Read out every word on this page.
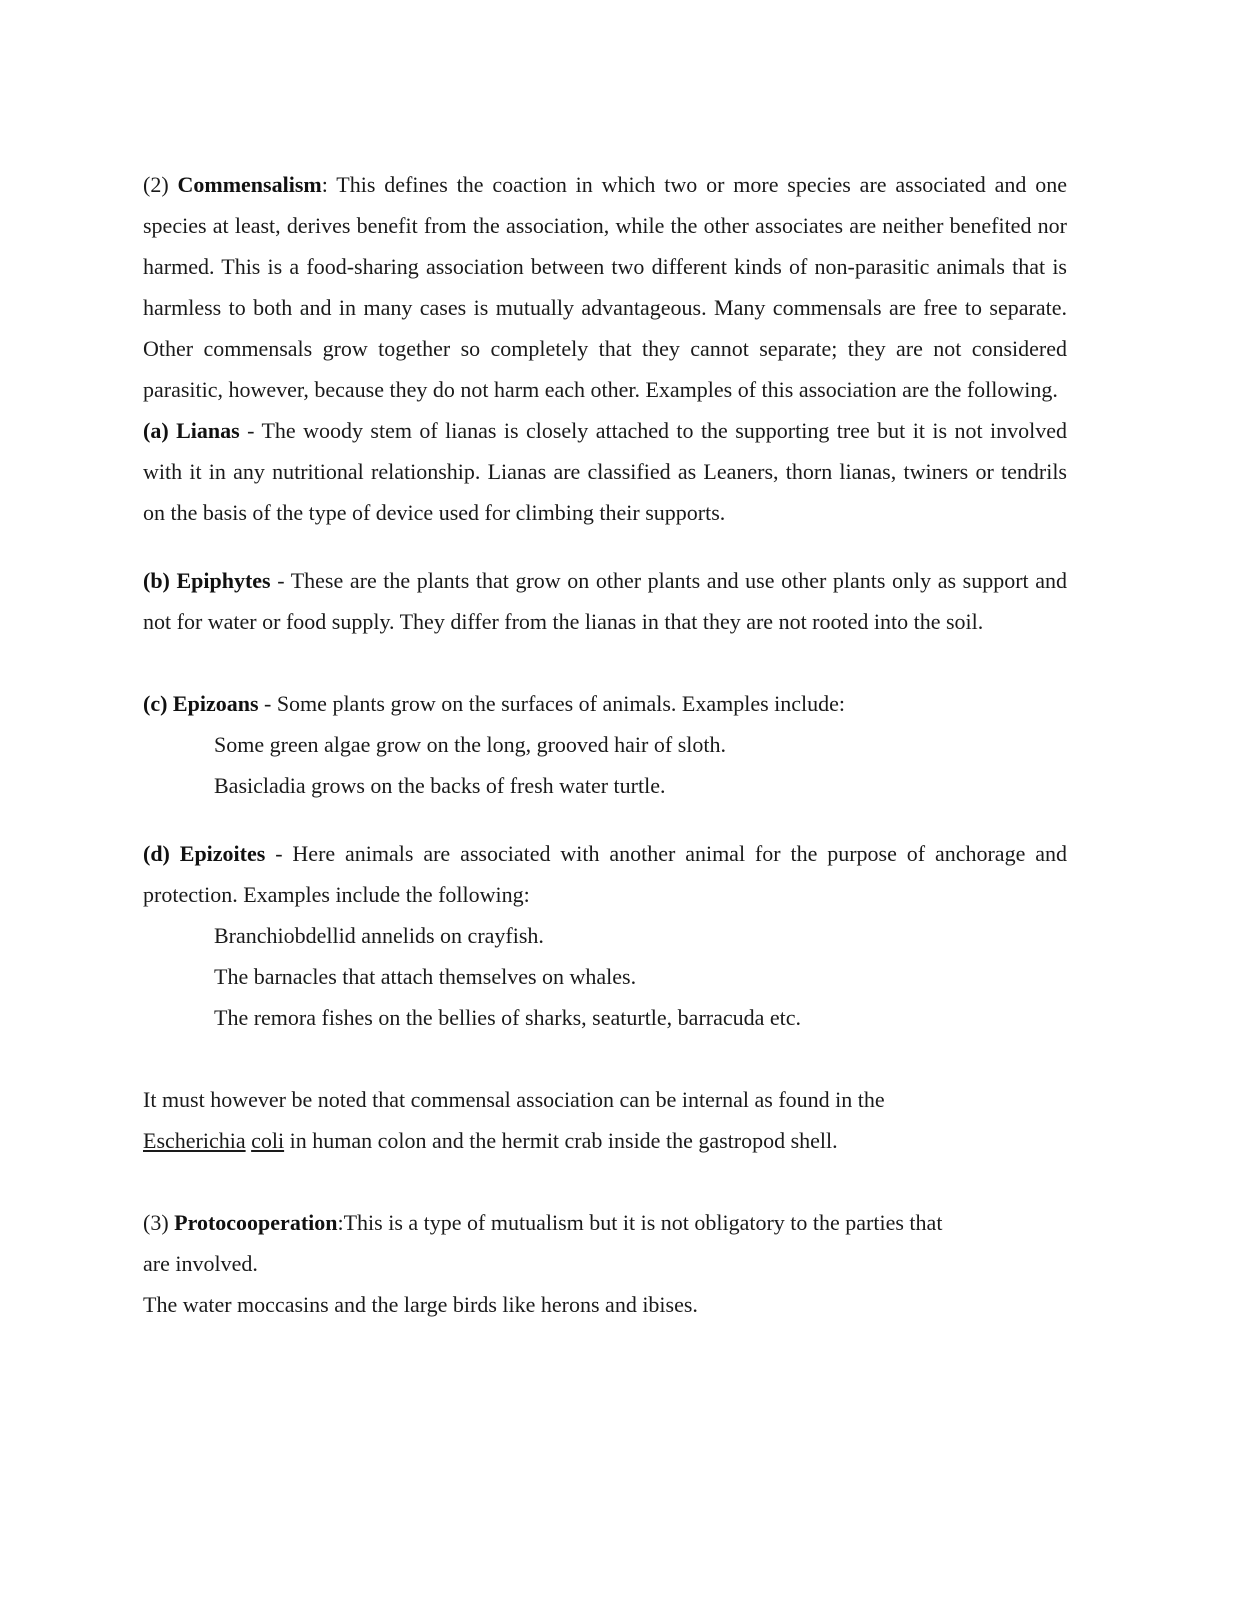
(2) Commensalism: This defines the coaction in which two or more species are associated and one species at least, derives benefit from the association, while the other associates are neither benefited nor harmed. This is a food-sharing association between two different kinds of non-parasitic animals that is harmless to both and in many cases is mutually advantageous. Many commensals are free to separate. Other commensals grow together so completely that they cannot separate; they are not considered parasitic, however, because they do not harm each other. Examples of this association are the following.

(a) Lianas - The woody stem of lianas is closely attached to the supporting tree but it is not involved with it in any nutritional relationship. Lianas are classified as Leaners, thorn lianas, twiners or tendrils on the basis of the type of device used for climbing their supports.

(b) Epiphytes - These are the plants that grow on other plants and use other plants only as support and not for water or food supply. They differ from the lianas in that they are not rooted into the soil.

(c) Epizoans - Some plants grow on the surfaces of animals. Examples include:

Some green algae grow on the long, grooved hair of sloth.
Basicladia grows on the backs of fresh water turtle.

(d) Epizoites - Here animals are associated with another animal for the purpose of anchorage and protection. Examples include the following:

Branchiobdellid annelids on crayfish.
The barnacles that attach themselves on whales.
The remora fishes on the bellies of sharks, seaturtle, barracuda etc.

It must however be noted that commensal association can be internal as found in the

Escherichia coli in human colon and the hermit crab inside the gastropod shell.

(3) Protocooperation:This is a type of mutualism but it is not obligatory to the parties that

are involved.

The water moccasins and the large birds like herons and ibises.
